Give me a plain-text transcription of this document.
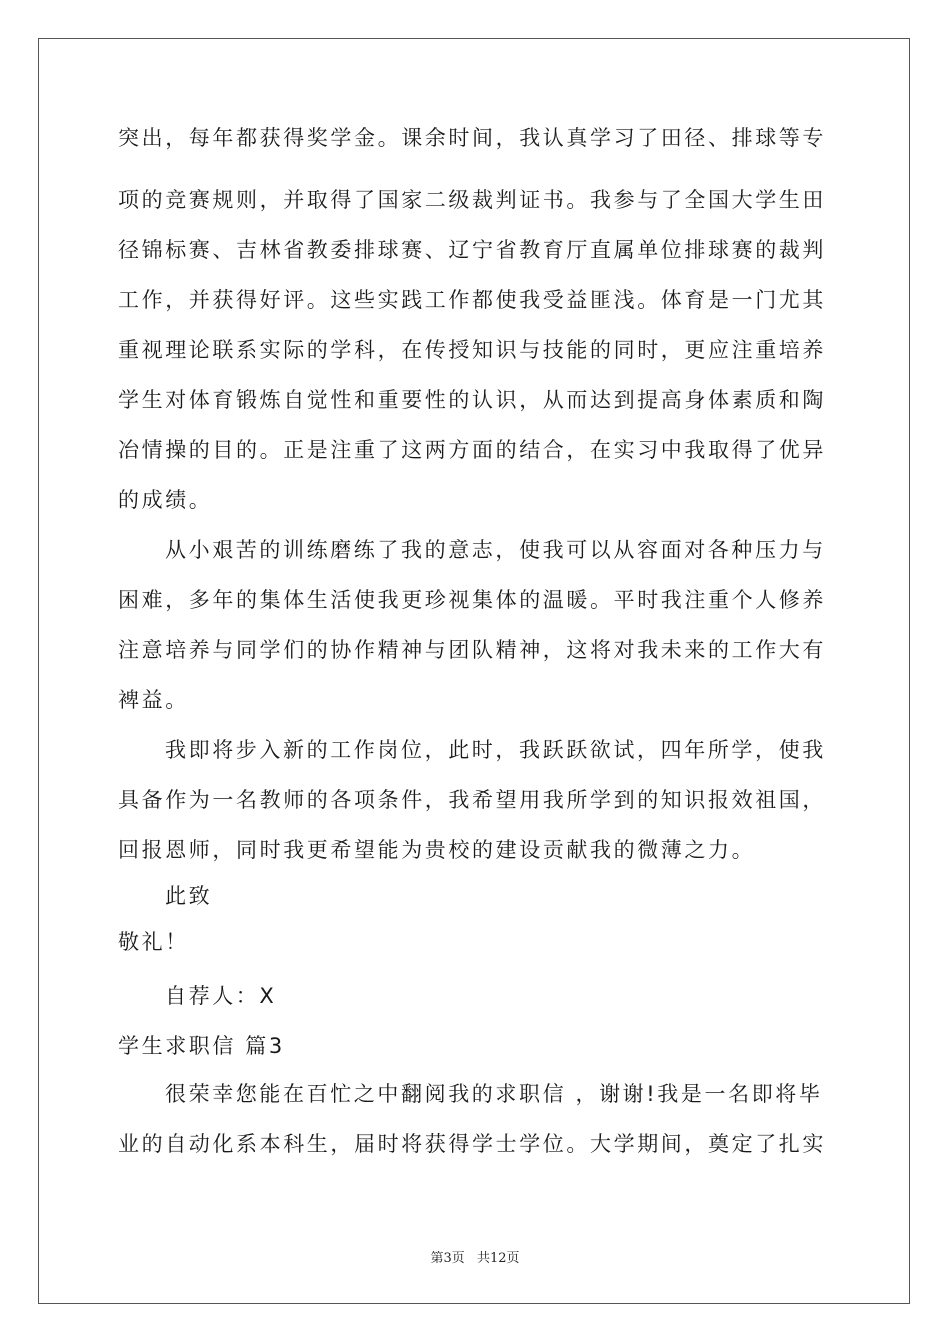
突出，每年都获得奖学金。课余时间，我认真学习了田径、排球等专
项的竞赛规则，并取得了国家二级裁判证书。我参与了全国大学生田
径锦标赛、吉林省教委排球赛、辽宁省教育厅直属单位排球赛的裁判
工作，并获得好评。这些实践工作都使我受益匪浅。体育是一门尤其
重视理论联系实际的学科，在传授知识与技能的同时，更应注重培养
学生对体育锻炼自觉性和重要性的认识，从而达到提高身体素质和陶
冶情操的目的。正是注重了这两方面的结合，在实习中我取得了优异
的成绩。
从小艰苦的训练磨练了我的意志，使我可以从容面对各种压力与
困难，多年的集体生活使我更珍视集体的温暖。平时我注重个人修养
注意培养与同学们的协作精神与团队精神，这将对我未来的工作大有
裨益。
我即将步入新的工作岗位，此时，我跃跃欲试，四年所学，使我
具备作为一名教师的各项条件，我希望用我所学到的知识报效祖国，
回报恩师，同时我更希望能为贵校的建设贡献我的微薄之力。
此致
敬礼！
自荐人：X
学生求职信 篇3
很荣幸您能在百忙之中翻阅我的求职信 ，谢谢!我是一名即将毕
业的自动化系本科生，届时将获得学士学位。大学期间，奠定了扎实
第3页 共12页
